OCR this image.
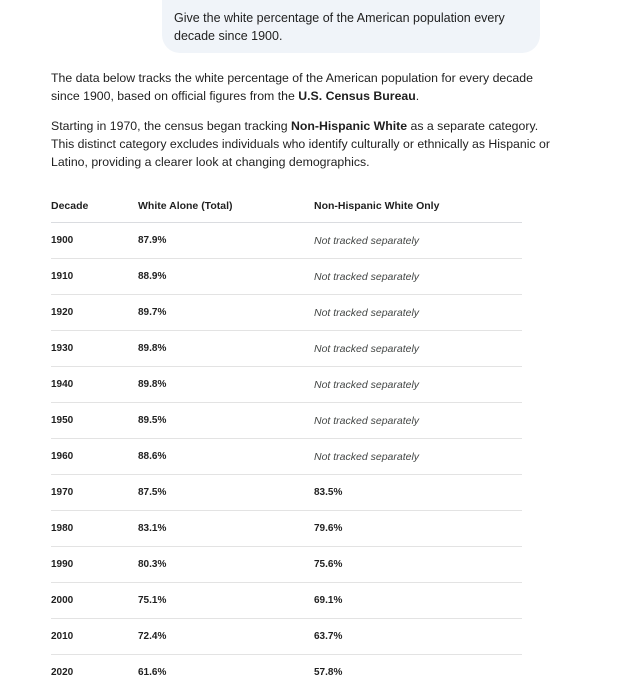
Give the white percentage of the American population every
decade since 1900.

The data below tracks the white percentage of the American population for every decade since 1900, based on official figures from the U.S. Census Bureau.

Starting in 1970, the census began tracking Non-Hispanic White as a separate category. This distinct category excludes individuals who identify culturally or ethnically as Hispanic or Latino, providing a clearer look at changing demographics.

Decade	White Alone (Total)	Non-Hispanic White Only
1900	87.9%	Not tracked separately
1910	88.9%	Not tracked separately
1920	89.7%	Not tracked separately
1930	89.8%	Not tracked separately
1940	89.8%	Not tracked separately
1950	89.5%	Not tracked separately
1960	88.6%	Not tracked separately
1970	87.5%	83.5%
1980	83.1%	79.6%
1990	80.3%	75.6%
2000	75.1%	69.1%
2010	72.4%	63.7%
2020	61.6%	57.8%
